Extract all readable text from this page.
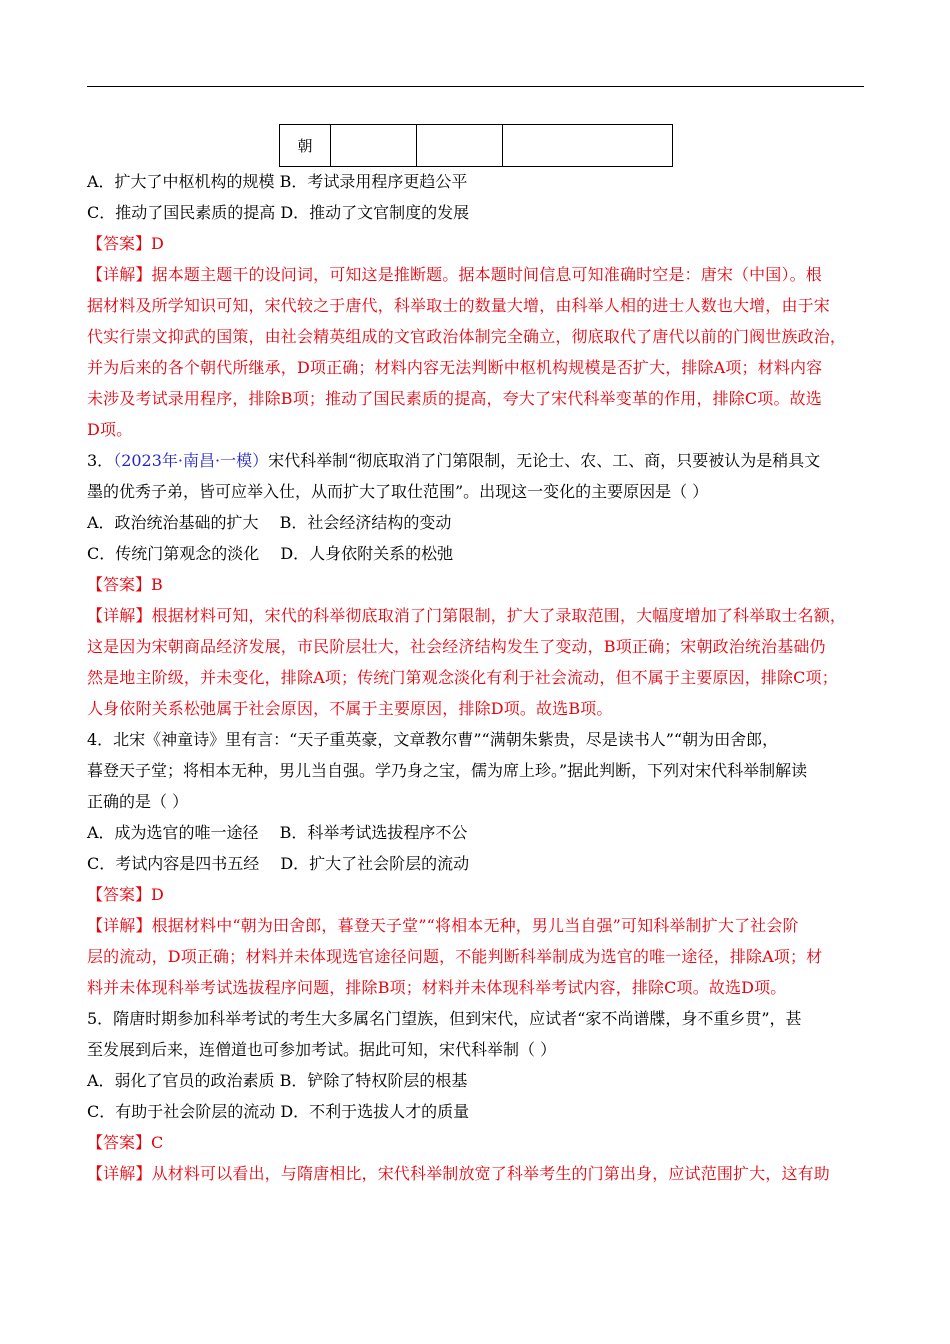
朝			
A．扩大了中枢机构的规模 B．考试录用程序更趋公平
C．推动了国民素质的提高 D．推动了文官制度的发展
【答案】D
【详解】据本题主题干的设问词，可知这是推断题。据本题时间信息可知准确时空是：唐宋（中国）。根
据材料及所学知识可知，宋代较之于唐代，科举取士的数量大增，由科举人相的进士人数也大增，由于宋
代实行崇文抑武的国策，由社会精英组成的文官政治体制完全确立，彻底取代了唐代以前的门阀世族政治，
并为后来的各个朝代所继承，D项正确；材料内容无法判断中枢机构规模是否扩大，排除A项；材料内容
未涉及考试录用程序，排除B项；推动了国民素质的提高，夸大了宋代科举变革的作用，排除C项。故选
D项。
3．（2023年·南昌·一模）宋代科举制“彻底取消了门第限制，无论士、农、工、商，只要被认为是稍具文
墨的优秀子弟，皆可应举入仕，从而扩大了取仕范围”。出现这一变化的主要原因是（ ）
A．政治统治基础的扩大　 B．社会经济结构的变动
C．传统门第观念的淡化　 D．人身依附关系的松弛
【答案】B
【详解】根据材料可知，宋代的科举彻底取消了门第限制，扩大了录取范围，大幅度增加了科举取士名额，
这是因为宋朝商品经济发展，市民阶层壮大，社会经济结构发生了变动，B项正确；宋朝政治统治基础仍
然是地主阶级，并未变化，排除A项；传统门第观念淡化有利于社会流动，但不属于主要原因，排除C项；
人身依附关系松弛属于社会原因，不属于主要原因，排除D项。故选B项。
4．北宋《神童诗》里有言：“天子重英豪，文章教尔曹”“满朝朱紫贵，尽是读书人”“朝为田舍郎，
暮登天子堂；将相本无种，男儿当自强。学乃身之宝，儒为席上珍。”据此判断，下列对宋代科举制解读
正确的是（ ）
A．成为选官的唯一途径　 B．科举考试选拔程序不公
C．考试内容是四书五经　 D．扩大了社会阶层的流动
【答案】D
【详解】根据材料中“朝为田舍郎，暮登天子堂”“将相本无种，男儿当自强”可知科举制扩大了社会阶
层的流动，D项正确；材料并未体现选官途径问题，不能判断科举制成为选官的唯一途径，排除A项；材
料并未体现科举考试选拔程序问题，排除B项；材料并未体现科举考试内容，排除C项。故选D项。
5．隋唐时期参加科举考试的考生大多属名门望族，但到宋代，应试者“家不尚谱牒，身不重乡贯”，甚
至发展到后来，连僧道也可参加考试。据此可知，宋代科举制（ ）
A．弱化了官员的政治素质 B．铲除了特权阶层的根基
C．有助于社会阶层的流动 D．不利于选拔人才的质量
【答案】C
【详解】从材料可以看出，与隋唐相比，宋代科举制放宽了科举考生的门第出身，应试范围扩大，这有助
